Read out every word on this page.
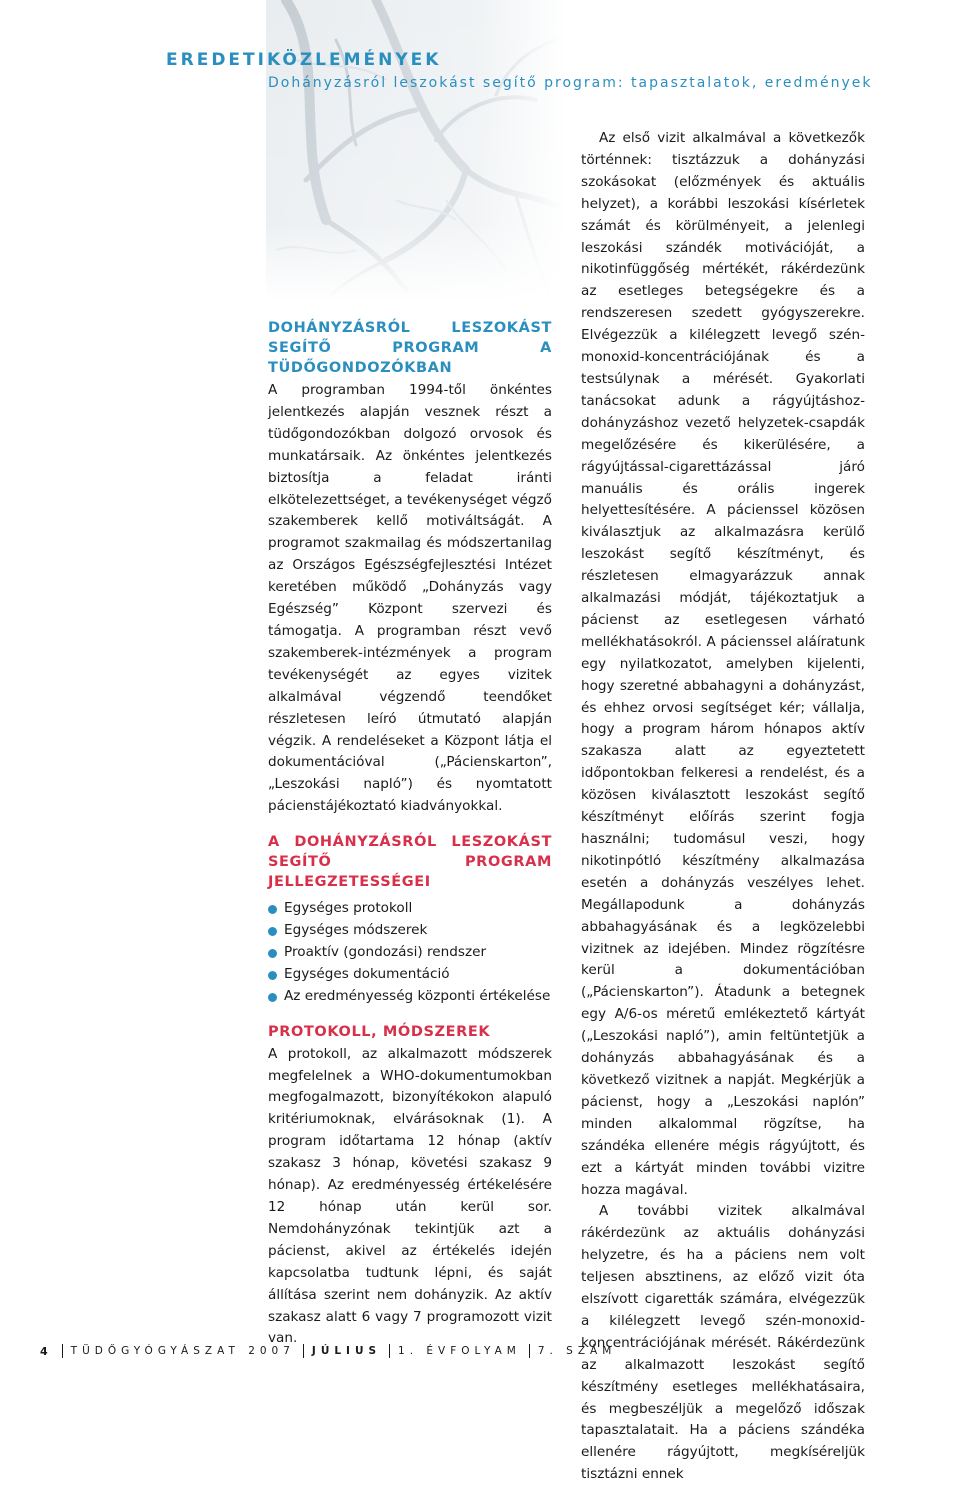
EREDETIKÖZLEMÉNYEK
Dohányzásról leszokást segítő program: tapasztalatok, eredmények
DOHÁNYZÁSRÓL LESZOKÁST SEGÍTŐ PROGRAM A TÜDŐGONDOZÓKBAN

A programban 1994-től önkéntes jelentkezés alapján vesznek részt a tüdőgondozókban dolgozó orvosok és munkatársaik. Az önkéntes jelentkezés biztosítja a feladat iránti elkötelezettséget, a tevékenységet végző szakemberek kellő motiváltságát. A programot szakmailag és módszertanilag az Országos Egészségfejlesztési Intézet keretében működő „Dohányzás vagy Egészség” Központ szervezi és támogatja. A programban részt vevő szakemberek-intézmények a program tevékenységét az egyes vizitek alkalmával végzendő teendőket részletesen leíró útmutató alapján végzik. A rendeléseket a Központ látja el dokumentációval („Pácienskarton”, „Leszokási napló”) és nyomtatott pácienstájékoztató kiadványokkal.

A DOHÁNYZÁSRÓL LESZOKÁST SEGÍTŐ PROGRAM JELLEGZETESSÉGEI
Egységes protokoll
Egységes módszerek
Proaktív (gondozási) rendszer
Egységes dokumentáció
Az eredményesség központi értékelése
PROTOKOLL, MÓDSZEREK

A protokoll, az alkalmazott módszerek megfelelnek a WHO-dokumentumokban megfogalmazott, bizonyítékokon alapuló kritériumoknak, elvárásoknak (1). A program időtartama 12 hónap (aktív szakasz 3 hónap, követési szakasz 9 hónap). Az eredményesség értékelésére 12 hónap után kerül sor. Nemdohányzónak tekintjük azt a pácienst, akivel az értékelés idején kapcsolatba tudtunk lépni, és saját állítása szerint nem dohányzik. Az aktív szakasz alatt 6 vagy 7 programozott vizit van.

Az első vizit alkalmával a következők történnek: tisztázzuk a dohányzási szokásokat (előzmények és aktuális helyzet), a korábbi leszokási kísérletek számát és körülményeit, a jelenlegi leszokási szándék motivációját, a nikotinfüggőség mértékét, rákérdezünk az esetleges betegségekre és a rendszeresen szedett gyógyszerekre. Elvégezzük a kilélegzett levegő szén-monoxid-koncentrációjának és a testsúlynak a mérését. Gyakorlati tanácsokat adunk a rágyújtáshoz-dohányzáshoz vezető helyzetek-csapdák megelőzésére és kikerülésére, a rágyújtással-cigarettázással járó manuális és orális ingerek helyettesítésére. A pácienssel közösen kiválasztjuk az alkalmazásra kerülő leszokást segítő készítményt, és részletesen elmagyarázzuk annak alkalmazási módját, tájékoztatjuk a pácienst az esetlegesen várható mellékhatásokról. A pácienssel aláíratunk egy nyilatkozatot, amelyben kijelenti, hogy szeretné abbahagyni a dohányzást, és ehhez orvosi segítséget kér; vállalja, hogy a program három hónapos aktív szakasza alatt az egyeztetett időpontokban felkeresi a rendelést, és a közösen kiválasztott leszokást segítő készítményt előírás szerint fogja használni; tudomásul veszi, hogy nikotinpótló készítmény alkalmazása esetén a dohányzás veszélyes lehet. Megállapodunk a dohányzás abbahagyásának és a legközelebbi vizitnek az idejében. Mindez rögzítésre kerül a dokumentációban („Pácienskarton”). Átadunk a betegnek egy A/6-os méretű emlékeztető kártyát („Leszokási napló”), amin feltüntetjük a dohányzás abbahagyásának és a következő vizitnek a napját. Megkérjük a pácienst, hogy a „Leszokási naplón” minden alkalommal rögzítse, ha szándéka ellenére mégis rágyújtott, és ezt a kártyát minden további vizitre hozza magával.

A további vizitek alkalmával rákérdezünk az aktuális dohányzási helyzetre, és ha a páciens nem volt teljesen absztinens, az előző vizit óta elszívott cigaretták számára, elvégezzük a kilélegzett levegő szén-monoxid-koncentrációjának mérését. Rákérdezünk az alkalmazott leszokást segítő készítmény esetleges mellékhatásaira, és megbeszéljük a megelőző időszak tapasztalatait. Ha a páciens szándéka ellenére rágyújtott, megkíséreljük tisztázni ennek

4 TÜDŐGYÓGYÁSZAT 2007 JÚLIUS 1. ÉVFOLYAM 7. SZÁM
